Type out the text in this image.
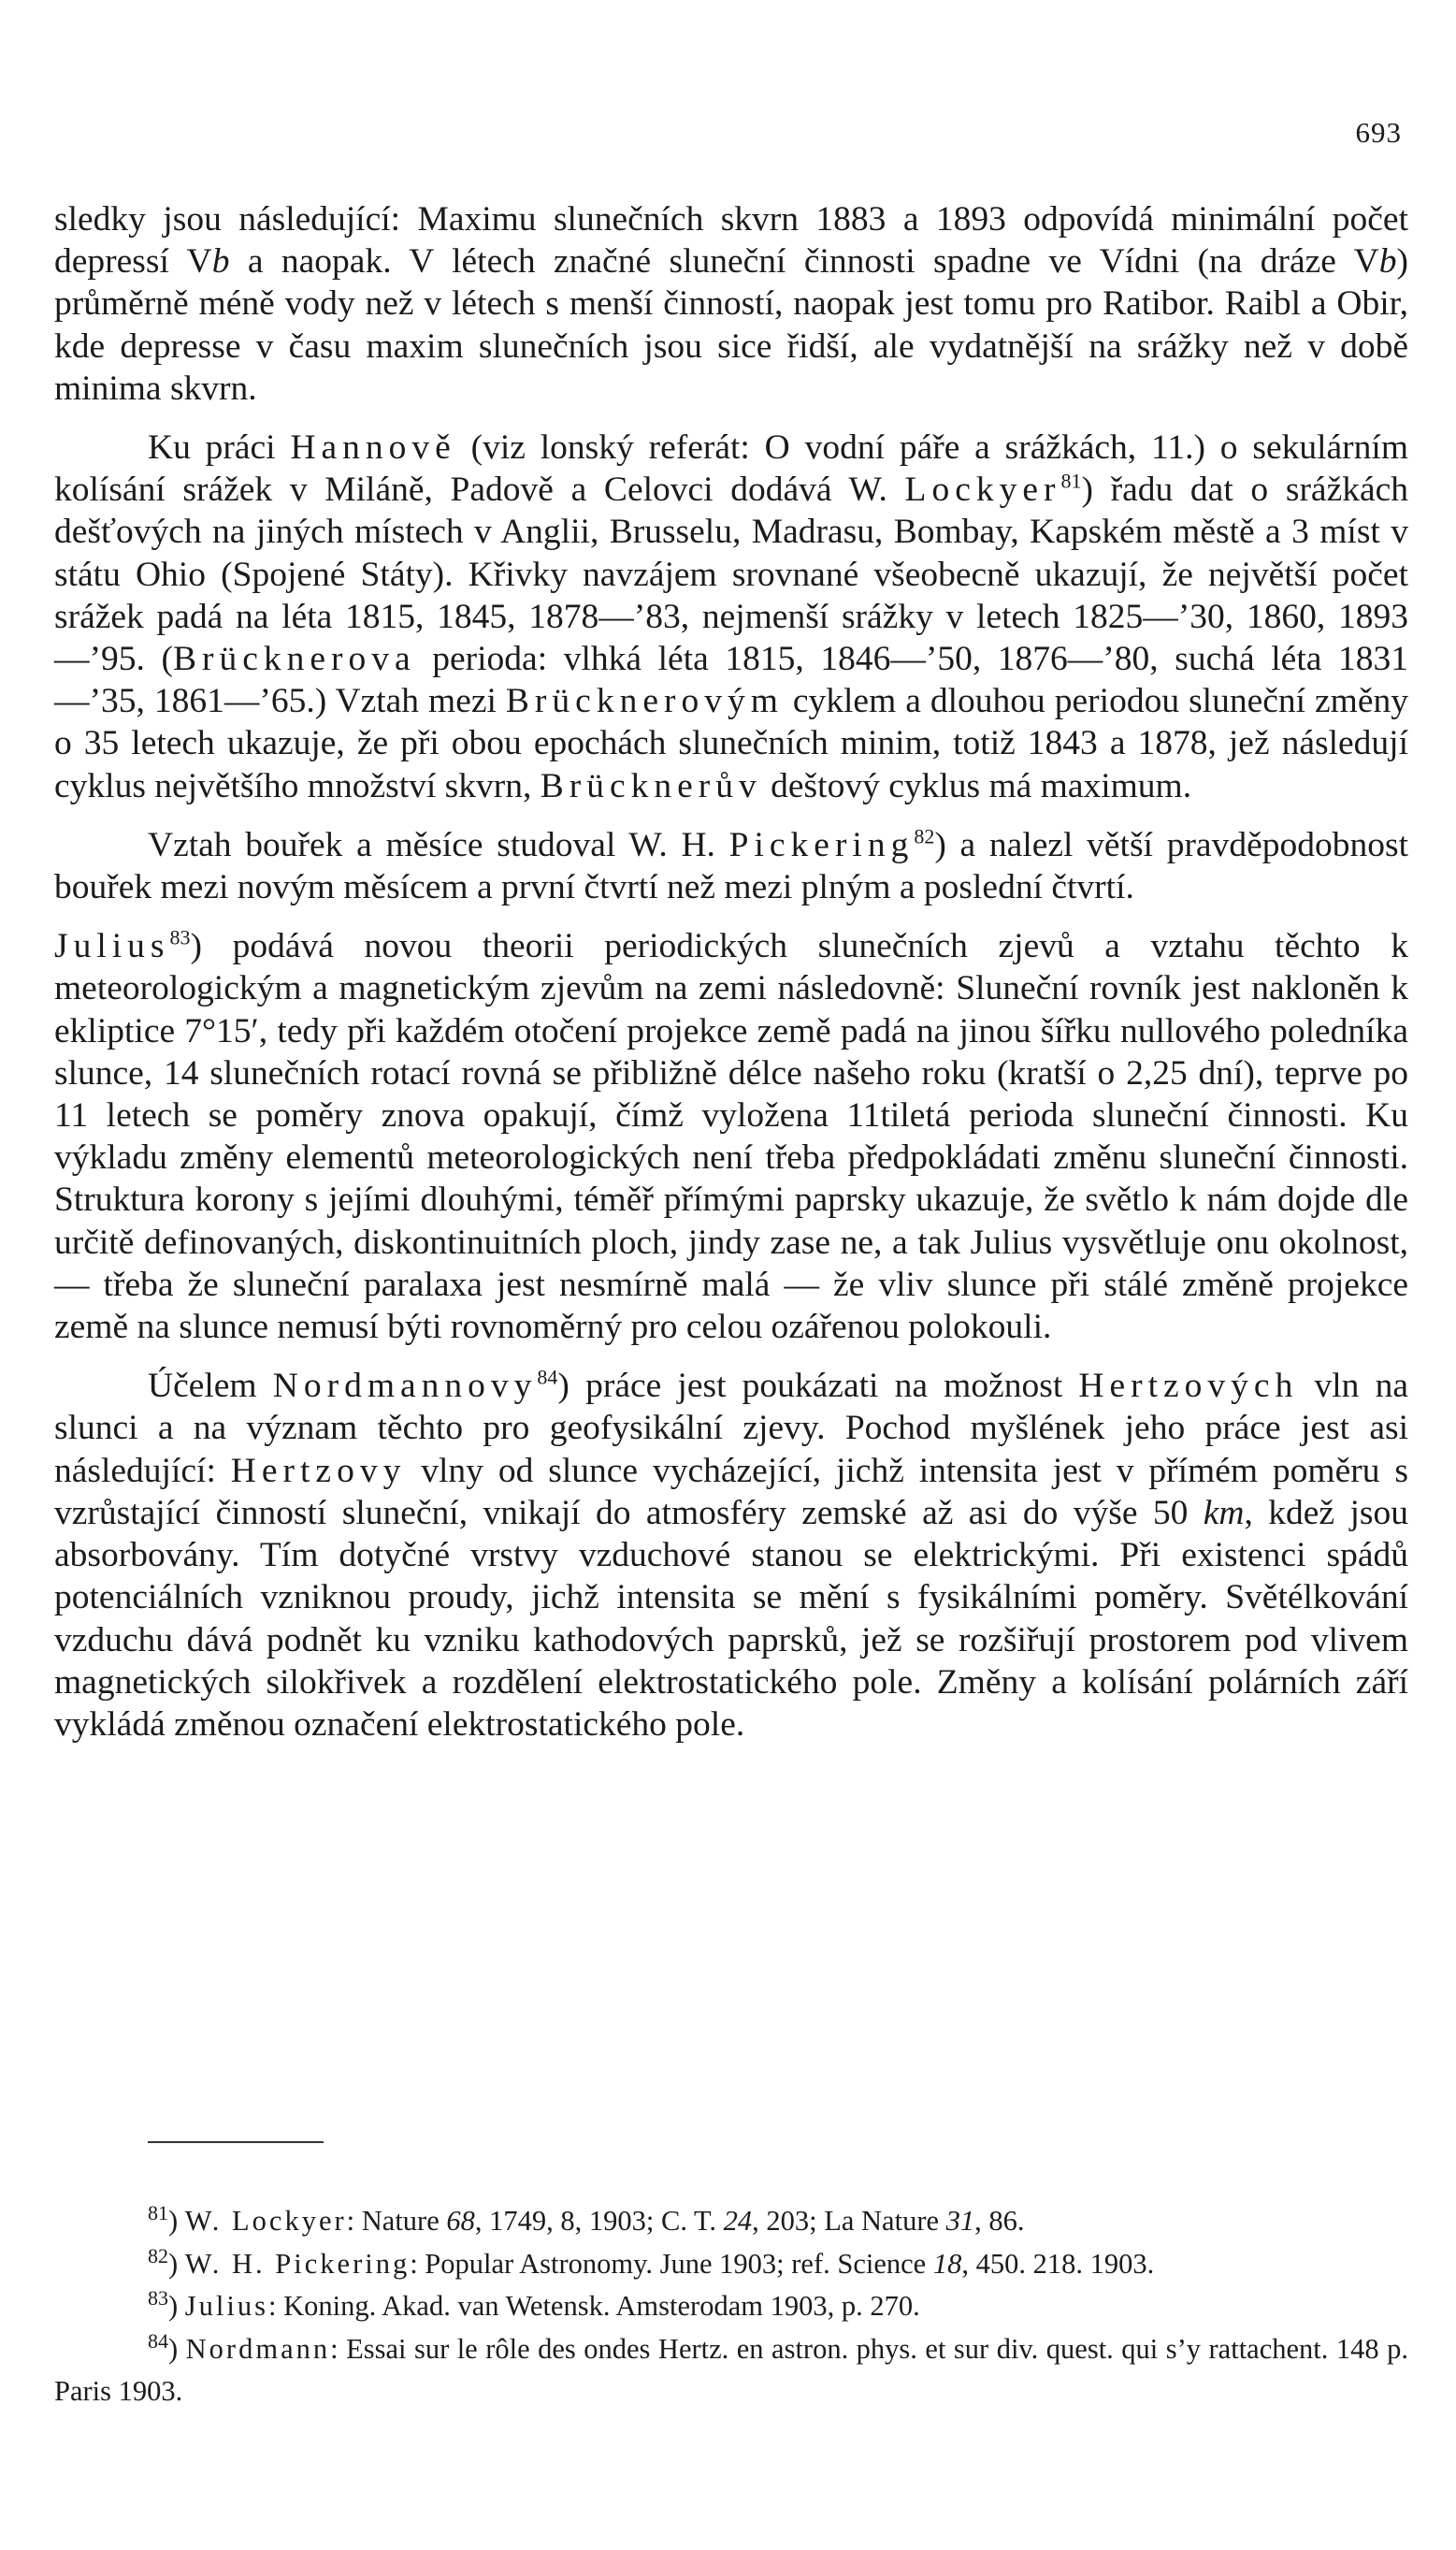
693

sledky jsou následující: Maximu slunečních skvrn 1883 a 1893 odpovídá minimální počet depressí Vb a naopak. V létech značné sluneční činnosti spadne ve Vídni (na dráze Vb) průměrně méně vody než v létech s menší činností, naopak jest tomu pro Ratibor. Raibl a Obir, kde depresse v času maxim slunečních jsou sice řidší, ale vydatnější na srážky než v době minima skvrn.

Ku práci Hannově (viz lonský referát: O vodní páře a srážkách, 11.) o sekulárním kolísání srážek v Miláně, Padově a Celovci dodává W. Lockyer$^{81}$) řadu dat o srážkách dešťových na jiných místech v Anglii, Brusselu, Madrasu, Bombay, Kapském městě a 3 míst v státu Ohio (Spojené Státy). Křivky navzájem srovnané všeobecně ukazují, že největší počet srážek padá na léta 1815, 1845, 1878—’83, nejmenší srážky v letech 1825—’30, 1860, 1893—’95. (Brücknerova perioda: vlhká léta 1815, 1846—’50, 1876—’80, suchá léta 1831—’35, 1861—’65.) Vztah mezi Brücknerovým cyklem a dlouhou periodou sluneční změny o 35 letech ukazuje, že při obou epochách slunečních minim, totiž 1843 a 1878, jež následují cyklus největšího množství skvrn, Brücknerův deštový cyklus má maximum.

Vztah bouřek a měsíce studoval W. H. Pickering$^{82}$) a nalezl větší pravděpodobnost bouřek mezi novým měsícem a první čtvrtí než mezi plným a poslední čtvrtí.

Julius$^{83}$) podává novou theorii periodických slunečních zjevů a vztahu těchto k meteorologickým a magnetickým zjevům na zemi následovně: Sluneční rovník jest nakloněn k ekliptice 7°15′, tedy při každém otočení projekce země padá na jinou šířku nullového poledníka slunce, 14 slunečních rotací rovná se přibližně délce našeho roku (kratší o 2,25 dní), teprve po 11 letech se poměry znova opakují, čímž vyložena 11tiletá perioda sluneční činnosti. Ku výkladu změny elementů meteorologických není třeba předpokládati změnu sluneční činnosti. Struktura korony s jejími dlouhými, téměř přímými paprsky ukazuje, že světlo k nám dojde dle určitě definovaných, diskontinuitních ploch, jindy zase ne, a tak Julius vysvětluje onu okolnost, — třeba že sluneční paralaxa jest nesmírně malá — že vliv slunce při stálé změně projekce země na slunce nemusí býti rovnoměrný pro celou ozářenou polokouli.

Účelem Nordmannovy$^{84}$) práce jest poukázati na možnost Hertzových vln na slunci a na význam těchto pro geofysikální zjevy. Pochod myšlének jeho práce jest asi následující: Hertzovy vlny od slunce vycházející, jichž intensita jest v přímém poměru s vzrůstající činností sluneční, vnikají do atmosféry zemské až asi do výše 50 km, kdež jsou absorbovány. Tím dotyčné vrstvy vzduchové stanou se elektrickými. Při existenci spádů potenciálních vzniknou proudy, jichž intensita se mění s fysikálními poměry. Světélkování vzduchu dává podnět ku vzniku kathodových paprsků, jež se rozšiřují prostorem pod vlivem magnetických silokřivek a rozdělení elektrostatického pole. Změny a kolísání polárních září vykládá změnou označení elektrostatického pole.

$^{81}$) W. Lockyer: Nature 68, 1749, 8, 1903; C. T. 24, 203; La Nature 31, 86.

$^{82}$) W. H. Pickering: Popular Astronomy. June 1903; ref. Science 18, 450. 218. 1903.

$^{83}$) Julius: Koning. Akad. van Wetensk. Amsterodam 1903, p. 270.

$^{84}$) Nordmann: Essai sur le rôle des ondes Hertz. en astron. phys. et sur div. quest. qui s’y rattachent. 148 p. Paris 1903.
